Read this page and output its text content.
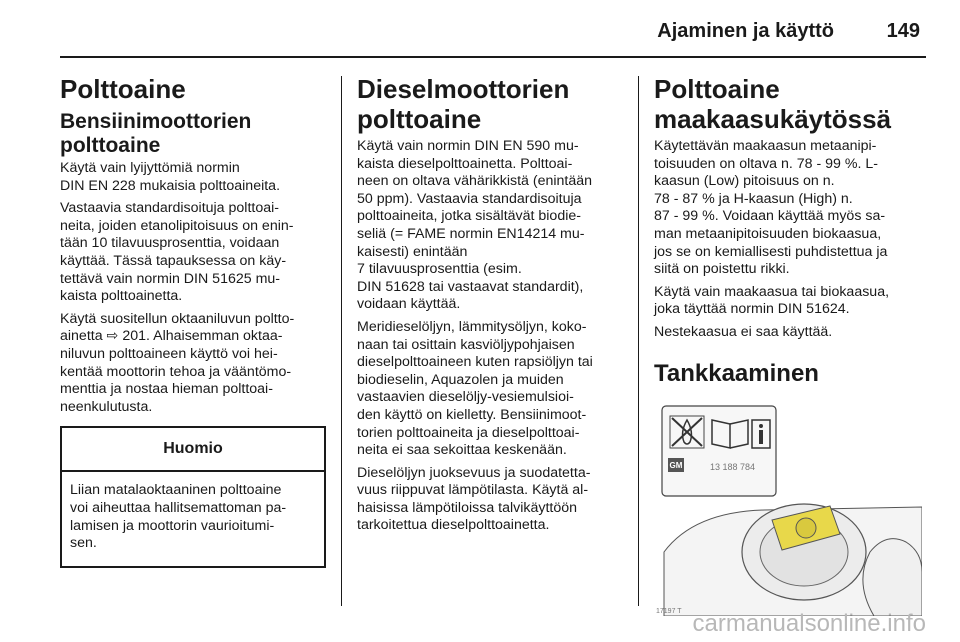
Ajaminen ja käyttö	149
Polttoaine
Bensiinimoottorien polttoaine

Käytä vain lyijyttömiä normin
DIN EN 228 mukaisia polttoaineita.

Vastaavia standardisoituja polttoai-
neita, joiden etanolipitoisuus on enin-
tään 10 tilavuusprosenttia, voidaan
käyttää. Tässä tapauksessa on käy-
tettävä vain normin DIN 51625 mu-
kaista polttoainetta.

Käytä suositellun oktaaniluvun poltto-
ainetta ⇨ 201. Alhaisemman oktaa-
niluvun polttoaineen käyttö voi hei-
kentää moottorin tehoa ja vääntömo-
menttia ja nostaa hieman polttoai-
neenkulutusta.

Huomio

Liian matalaoktaaninen polttoaine
voi aiheuttaa hallitsemattoman pa-
lamisen ja moottorin vaurioitumi-
sen.

Dieselmoottorien polttoaine

Käytä vain normin DIN EN 590 mu-
kaista dieselpolttoainetta. Polttoai-
neen on oltava vähärikkistä (enintään
50 ppm). Vastaavia standardisoituja
polttoaineita, jotka sisältävät biodie-
seliä (= FAME normin EN14214 mu-
kaisesti) enintään
7 tilavuusprosenttia (esim.
DIN 51628 tai vastaavat standardit),
voidaan käyttää.

Meridieselöljyn, lämmitysöljyn, koko-
naan tai osittain kasviöljypohjaisen
dieselpolttoaineen kuten rapsiöljyn tai
biodieselin, Aquazolen ja muiden
vastaavien dieselöljy-vesiemulsioi-
den käyttö on kielletty. Bensiinimoot-
torien polttoaineita ja dieselpolttoai-
neita ei saa sekoittaa keskenään.

Dieselöljyn juoksevuus ja suodatetta-
vuus riippuvat lämpötilasta. Käytä al-
haisissa lämpötiloissa talvikäyttöön
tarkoitettua dieselpolttoainetta.

Polttoaine maakaasukäytössä

Käytettävän maakaasun metaanipi-
toisuuden on oltava n. 78 - 99 %. L-
kaasun (Low) pitoisuus on n.
78 - 87 % ja H-kaasun (High) n.
87 - 99 %. Voidaan käyttää myös sa-
man metaanipitoisuuden biokaasua,
jos se on kemiallisesti puhdistettua ja
siitä on poistettu rikki.

Käytä vain maakaasua tai biokaasua,
joka täyttää normin DIN 51624.

Nestekaasua ei saa käyttää.

Tankkaaminen
GM	13 188 784
17197 T carmanualsonline.info
